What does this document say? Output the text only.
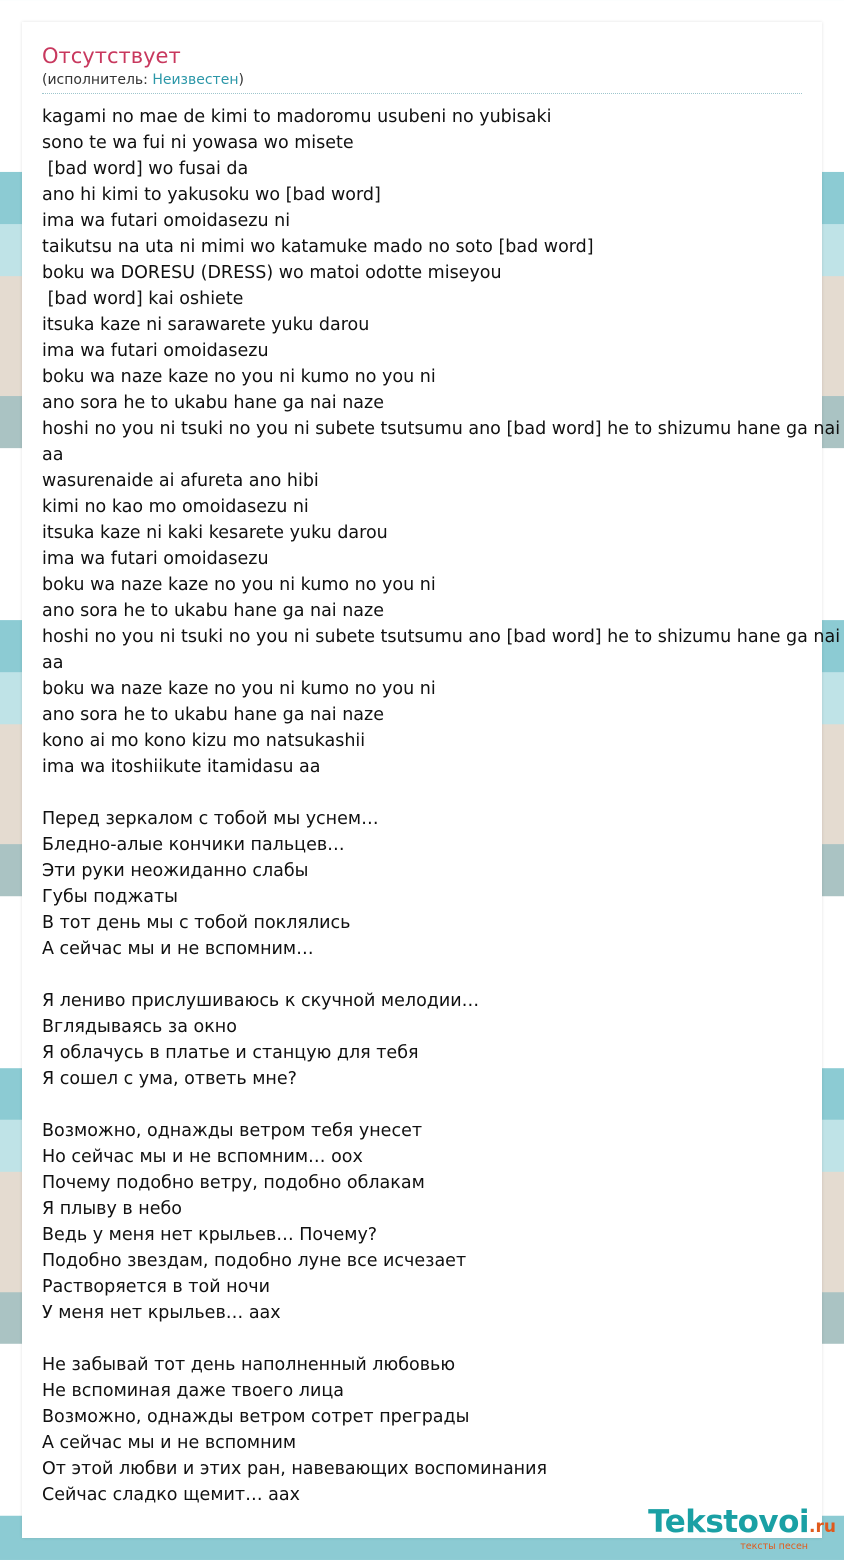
Отсутствует
(исполнитель: Неизвестен)
kagami no mae de kimi to madoromu usubeni no yubisaki
sono te wa fui ni yowasa wo misete
[bad word] wo fusai da
ano hi kimi to yakusoku wo [bad word]
ima wa futari omoidasezu ni
taikutsu na uta ni mimi wo katamuke mado no soto [bad word]
boku wa DORESU (DRESS) wo matoi odotte miseyou
[bad word] kai oshiete
itsuka kaze ni sarawarete yuku darou
ima wa futari omoidasezu
boku wa naze kaze no you ni kumo no you ni
ano sora he to ukabu hane ga nai naze
hoshi no you ni tsuki no you ni subete tsutsumu ano [bad word] he to shizumu hane ga nai
aa
wasurenaide ai afureta ano hibi
kimi no kao mo omoidasezu ni
itsuka kaze ni kaki kesarete yuku darou
ima wa futari omoidasezu
boku wa naze kaze no you ni kumo no you ni
ano sora he to ukabu hane ga nai naze
hoshi no you ni tsuki no you ni subete tsutsumu ano [bad word] he to shizumu hane ga nai
aa
boku wa naze kaze no you ni kumo no you ni
ano sora he to ukabu hane ga nai naze
kono ai mo kono kizu mo natsukashii
ima wa itoshiikute itamidasu aa
Перед зеркалом с тобой мы уснем…
Бледно-алые кончики пальцев…
Эти руки неожиданно слабы
Губы поджаты
В тот день мы с тобой поклялись
А сейчас мы и не вспомним…
Я лениво прислушиваюсь к скучной мелодии…
Вглядываясь за окно
Я облачусь в платье и станцую для тебя
Я сошел с ума, ответь мне?
Возможно, однажды ветром тебя унесет
Но сейчас мы и не вспомним… оох
Почему подобно ветру, подобно облакам
Я плыву в небо
Ведь у меня нет крыльев… Почему?
Подобно звездам, подобно луне все исчезает
Растворяется в той ночи
У меня нет крыльев… аах
Не забывай тот день наполненный любовью
Не вспоминая даже твоего лица
Возможно, однажды ветром сотрет преграды
А сейчас мы и не вспомним
От этой любви и этих ран, навевающих воспоминания
Сейчас сладко щемит… аах
Tekstovoi.ru
тексты песен
